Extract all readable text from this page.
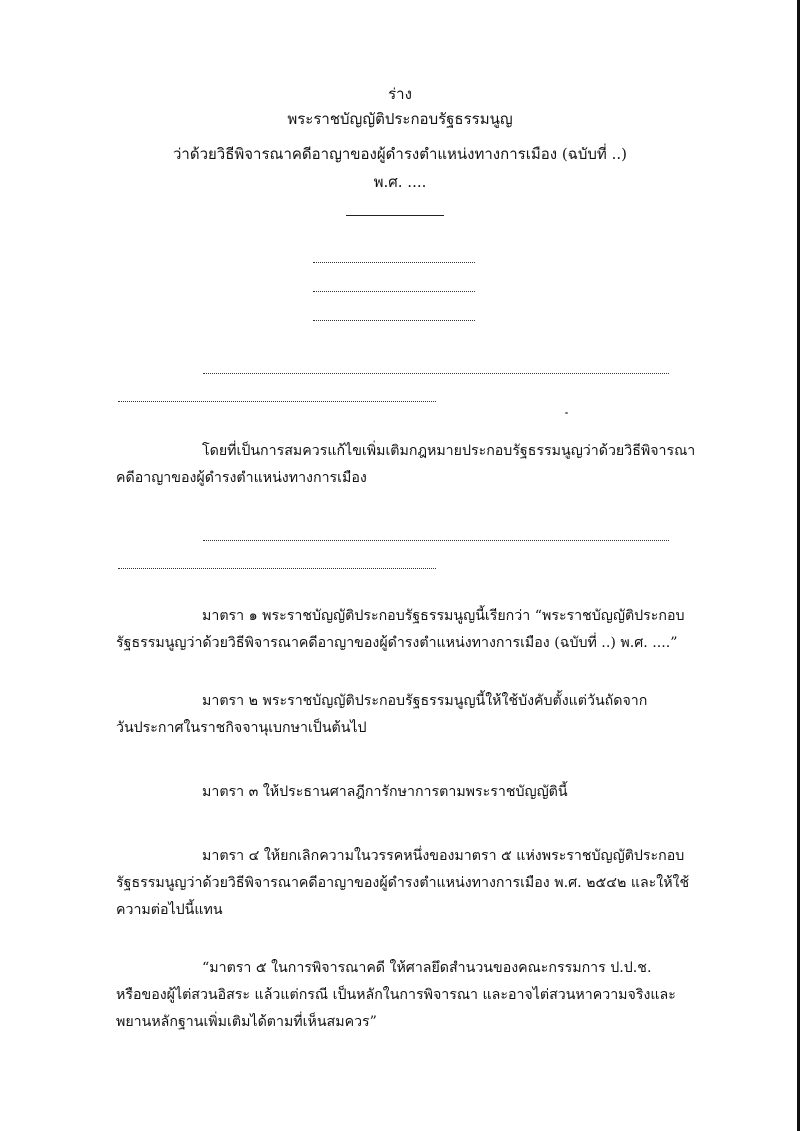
ร่าง
พระราชบัญญัติประกอบรัฐธรรมนูญ
ว่าด้วยวิธีพิจารณาคดีอาญาของผู้ดำรงตำแหน่งทางการเมือง (ฉบับที่ ..)
พ.ศ. ....
โดยที่เป็นการสมควรแก้ไขเพิ่มเติมกฎหมายประกอบรัฐธรรมนูญว่าด้วยวิธีพิจารณา
คดีอาญาของผู้ดำรงตำแหน่งทางการเมือง
มาตรา ๑ พระราชบัญญัติประกอบรัฐธรรมนูญนี้เรียกว่า “พระราชบัญญัติประกอบ
รัฐธรรมนูญว่าด้วยวิธีพิจารณาคดีอาญาของผู้ดำรงตำแหน่งทางการเมือง (ฉบับที่ ..) พ.ศ. ....”
มาตรา ๒ พระราชบัญญัติประกอบรัฐธรรมนูญนี้ให้ใช้บังคับตั้งแต่วันถัดจาก
วันประกาศในราชกิจจานุเบกษาเป็นต้นไป
มาตรา ๓ ให้ประธานศาลฎีการักษาการตามพระราชบัญญัตินี้
มาตรา ๔ ให้ยกเลิกความในวรรคหนึ่งของมาตรา ๕ แห่งพระราชบัญญัติประกอบ
รัฐธรรมนูญว่าด้วยวิธีพิจารณาคดีอาญาของผู้ดำรงตำแหน่งทางการเมือง พ.ศ. ๒๕๔๒ และให้ใช้
ความต่อไปนี้แทน
“มาตรา ๕ ในการพิจารณาคดี ให้ศาลยึดสำนวนของคณะกรรมการ ป.ป.ช.
หรือของผู้ไต่สวนอิสระ แล้วแต่กรณี เป็นหลักในการพิจารณา และอาจไต่สวนหาความจริงและ
พยานหลักฐานเพิ่มเติมได้ตามที่เห็นสมควร”
